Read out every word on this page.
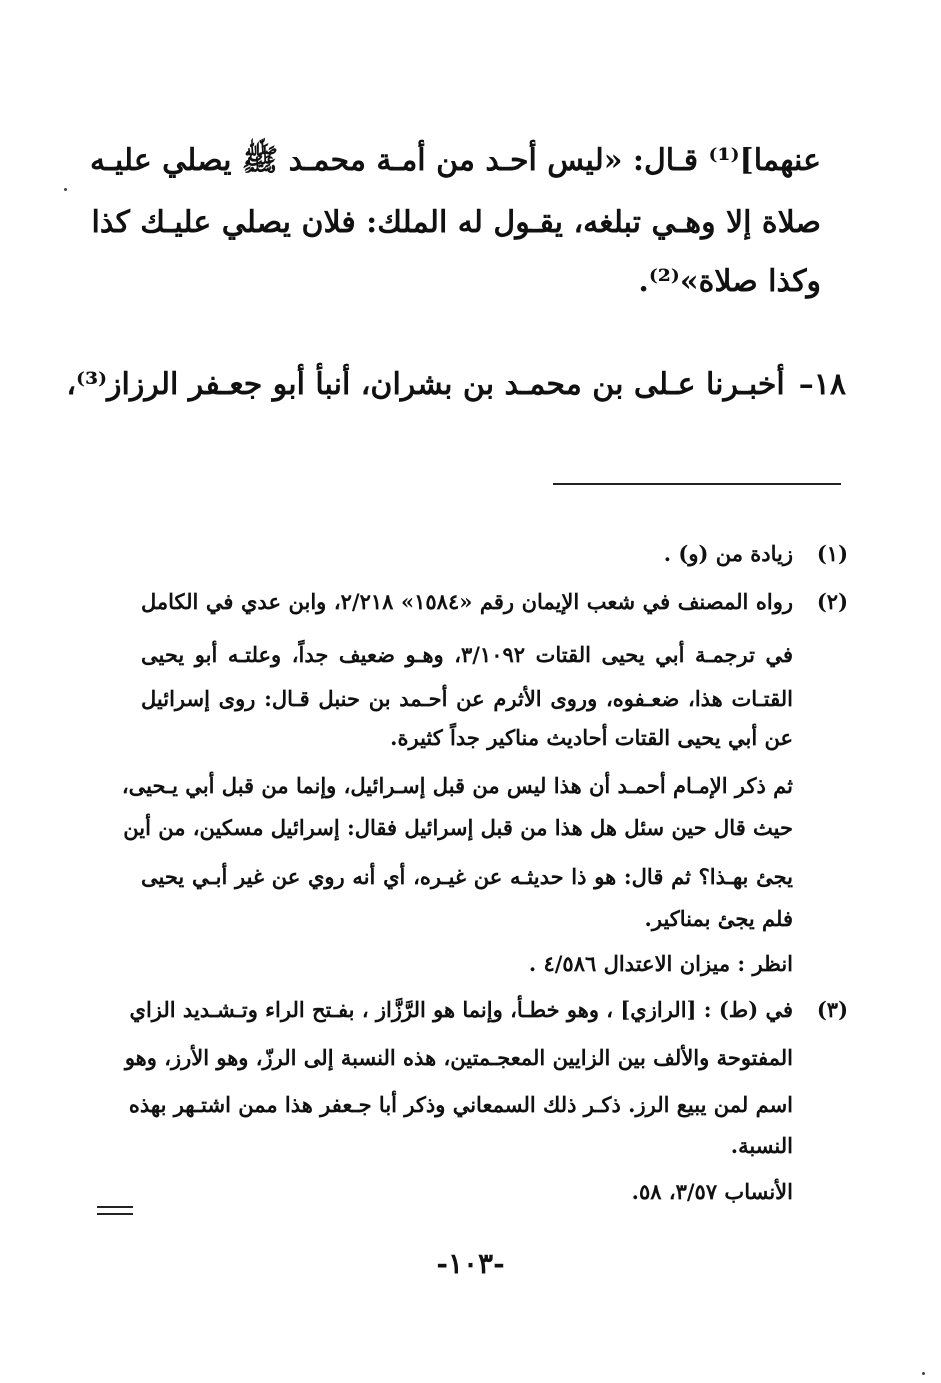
عنهما]⁽¹⁾ قـال: «ليس أحـد من أمـة محمـد ﷺ يصلي عليـه
صلاة إلا وهـي تبلغه، يقـول له الملك: فلان يصلي عليـك كذا
وكذا صلاة»⁽²⁾.
١٨–أخبـرنا عـلى بن محمـد بن بشران، أنبأ أبو جعـفر الرزاز⁽³⁾،
(١)
زيادة من (و) .
(٢)
رواه المصنف في شعب الإيمان رقم «١٥٨٤» ٢/٢١٨، وابن عدي في الكامل
في ترجمـة أبي يحيى القتات ٣/١٠٩٢، وهـو ضعيف جداً، وعلتـه أبو يحيى
القتـات هذا، ضعـفوه، وروى الأثرم عن أحـمد بن حنبل قـال: روى إسرائيل
عن أبي يحيى القتات أحاديث مناكير جداً كثيرة.
ثم ذكر الإمـام أحمـد أن هذا ليس من قبل إسـرائيل، وإنما من قبل أبي يـحيى،
حيث قال حين سئل هل هذا من قبل إسرائيل فقال: إسرائيل مسكين، من أين
يجئ بهـذا؟ ثم قال: هو ذا حديثـه عن غيـره، أي أنه روي عن غير أبـي يحيى
فلم يجئ بمناكير.
انظر : ميزان الاعتدال ٤/٥٨٦ .
(٣)
في (ط) : [الرازي] ، وهو خطـأ، وإنما هو الرَّزَّاز ، بفـتح الراء وتـشـديد الزاي
المفتوحة والألف بين الزايين المعجـمتين، هذه النسبة إلى الرزّ، وهو الأرز، وهو
اسم لمن يبيع الرز. ذكـر ذلك السمعاني وذكر أبا جـعفر هذا ممن اشتـهر بهذه
النسبة.
الأنساب ٣/٥٧، ٥٨.
-١٠٣-
